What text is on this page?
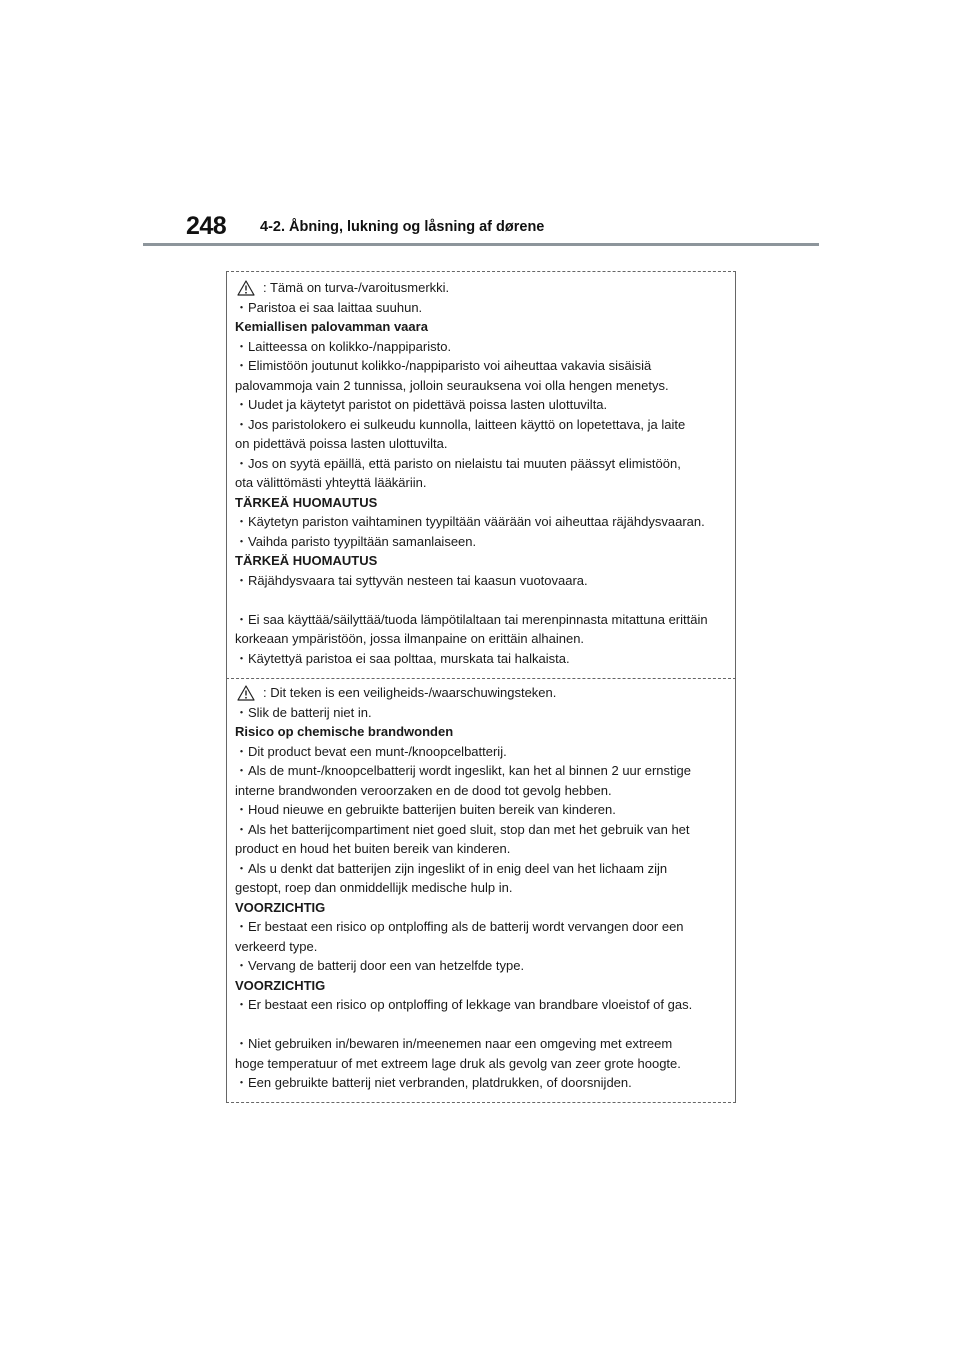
248 4-2. Åbning, lukning og låsning af dørene
: Tämä on turva-/varoitusmerkki.
・Paristoa ei saa laittaa suuhun.
Kemiallisen palovamman vaara
・Laitteessa on kolikko-/nappiparisto.
・Elimistöön joutunut kolikko-/nappiparisto voi aiheuttaa vakavia sisäisiä
palovammoja vain 2 tunnissa, jolloin seurauksena voi olla hengen menetys.
・Uudet ja käytetyt paristot on pidettävä poissa lasten ulottuvilta.
・Jos paristolokero ei sulkeudu kunnolla, laitteen käyttö on lopetettava, ja laite
on pidettävä poissa lasten ulottuvilta.
・Jos on syytä epäillä, että paristo on nielaistu tai muuten päässyt elimistöön,
ota välittömästi yhteyttä lääkäriin.
TÄRKEÄ HUOMAUTUS
・Käytetyn pariston vaihtaminen tyypiltään väärään voi aiheuttaa räjähdysvaaran.
・Vaihda paristo tyypiltään samanlaiseen.
TÄRKEÄ HUOMAUTUS
・Räjähdysvaara tai syttyvän nesteen tai kaasun vuotovaara.
・Ei saa käyttää/säilyttää/tuoda lämpötilaltaan tai merenpinnasta mitattuna erittäin
korkeaan ympäristöön, jossa ilmanpaine on erittäin alhainen.
・Käytettyä paristoa ei saa polttaa, murskata tai halkaista.
: Dit teken is een veiligheids-/waarschuwingsteken.
・Slik de batterij niet in.
Risico op chemische brandwonden
・Dit product bevat een munt-/knoopcelbatterij.
・Als de munt-/knoopcelbatterij wordt ingeslikt, kan het al binnen 2 uur ernstige
interne brandwonden veroorzaken en de dood tot gevolg hebben.
・Houd nieuwe en gebruikte batterijen buiten bereik van kinderen.
・Als het batterijcompartiment niet goed sluit, stop dan met het gebruik van het
product en houd het buiten bereik van kinderen.
・Als u denkt dat batterijen zijn ingeslikt of in enig deel van het lichaam zijn
gestopt, roep dan onmiddellijk medische hulp in.
VOORZICHTIG
・Er bestaat een risico op ontploffing als de batterij wordt vervangen door een
verkeerd type.
・Vervang de batterij door een van hetzelfde type.
VOORZICHTIG
・Er bestaat een risico op ontploffing of lekkage van brandbare vloeistof of gas.
・Niet gebruiken in/bewaren in/meenemen naar een omgeving met extreem
hoge temperatuur of met extreem lage druk als gevolg van zeer grote hoogte.
・Een gebruikte batterij niet verbranden, platdrukken, of doorsnijden.
